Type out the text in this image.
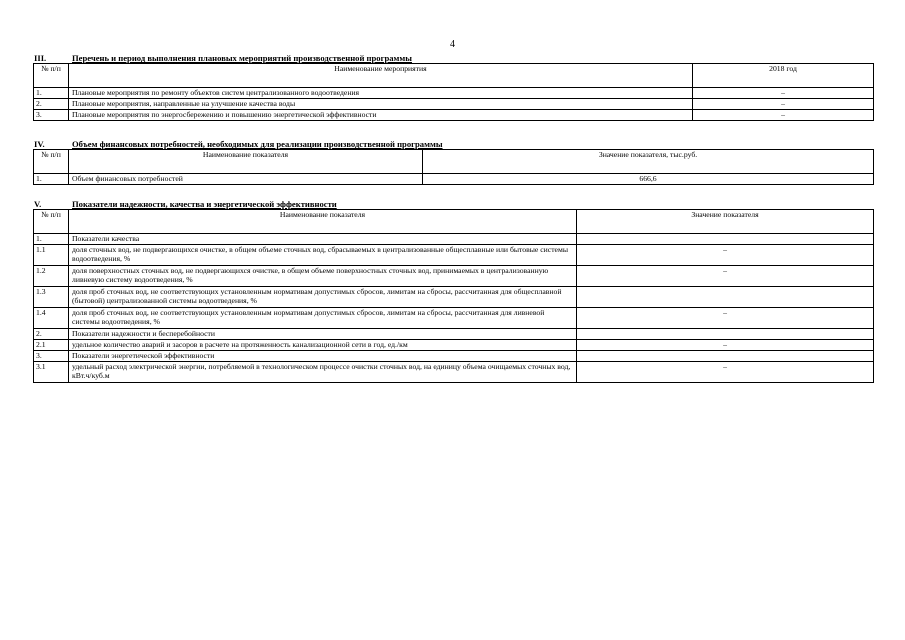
4
III.	Перечень и период выполнения плановых мероприятий производственной программы
№ п/п	Наименование мероприятия	2018 год
1.	Плановые мероприятия по ремонту объектов систем централизованного водоотведения	–
2.	Плановые мероприятия, направленные на улучшение качества воды	–
3.	Плановые мероприятия по энергосбережению и повышению энергетической эффективности	–
IV.	Объем финансовых потребностей, необходимых для реализации производственной программы
№ п/п	Наименование показателя	Значение показателя, тыс.руб.
1.	Объем финансовых потребностей	666,6
V.	Показатели надежности, качества и энергетической эффективности
№ п/п	Наименование показателя	Значение показателя
1.	Показатели качества	
1.1	доля сточных вод, не подвергающихся очистке, в общем объеме сточных вод, сбрасываемых в централизованные общесплавные или бытовые системы водоотведения, %	–
1.2	доля поверхностных сточных вод, не подвергающихся очистке, в общем объеме поверхностных сточных вод, принимаемых в централизованную ливневую систему водоотведения, %	–
1.3	доля проб сточных вод, не соответствующих установленным нормативам допустимых сбросов, лимитам на сбросы, рассчитанная для общесплавной (бытовой) централизованной системы водоотведения, %	
1.4	доля проб сточных вод, не соответствующих установленным нормативам допустимых сбросов, лимитам на сбросы, рассчитанная для ливневой системы водоотведения, %	–
2.	Показатели надежности и бесперебойности	
2.1	удельное количество аварий и засоров в расчете на протяженность канализационной сети в год, ед./км	–
3.	Показатели энергетической эффективности	
3.1	удельный расход электрической энергии, потребляемой в технологическом процессе очистки сточных вод, на единицу объема очищаемых сточных вод, кВт.ч/куб.м	–
